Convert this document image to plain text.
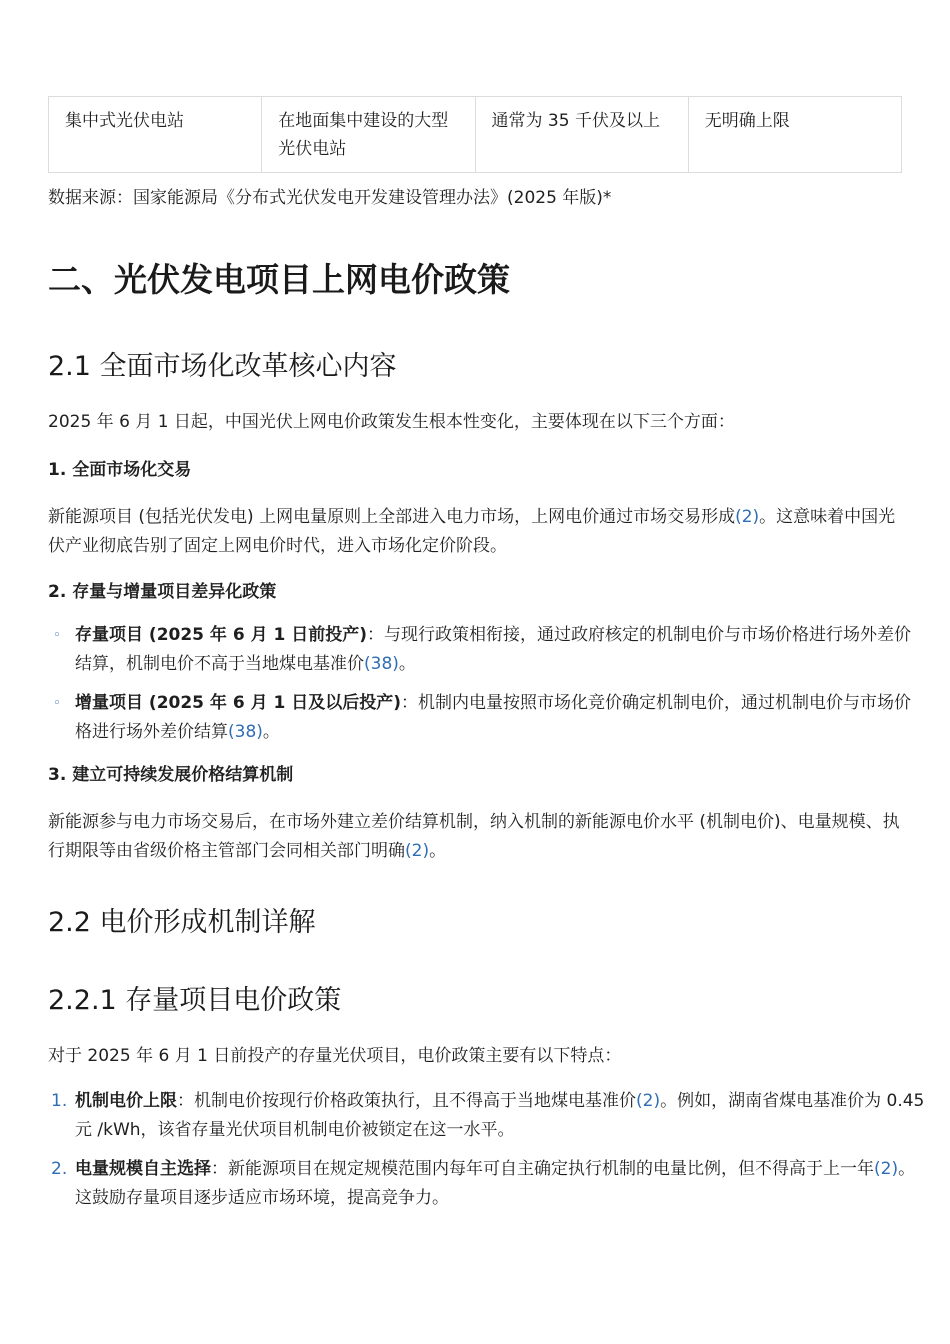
集中式光伏电站	在地面集中建设的大型光伏电站	通常为 35 千伏及以上	无明确上限
数据来源：国家能源局《分布式光伏发电开发建设管理办法》(2025 年版)*
二、光伏发电项目上网电价政策
2.1 全面市场化改革核心内容

2025 年 6 月 1 日起，中国光伏上网电价政策发生根本性变化，主要体现在以下三个方面：

1. 全面市场化交易

新能源项目 (包括光伏发电) 上网电量原则上全部进入电力市场，上网电价通过市场交易形成(2)。这意味着中国光伏产业彻底告别了固定上网电价时代，进入市场化定价阶段。

2. 存量与增量项目差异化政策
◦ 存量项目 (2025 年 6 月 1 日前投产)：与现行政策相衔接，通过政府核定的机制电价与市场价格进行场外差价结算，机制电价不高于当地煤电基准价(38)。
◦ 增量项目 (2025 年 6 月 1 日及以后投产)：机制内电量按照市场化竞价确定机制电价，通过机制电价与市场价格进行场外差价结算(38)。
3. 建立可持续发展价格结算机制

新能源参与电力市场交易后，在市场外建立差价结算机制，纳入机制的新能源电价水平 (机制电价)、电量规模、执行期限等由省级价格主管部门会同相关部门明确(2)。

2.2 电价形成机制详解
2.2.1 存量项目电价政策

对于 2025 年 6 月 1 日前投产的存量光伏项目，电价政策主要有以下特点：

1. 机制电价上限：机制电价按现行价格政策执行，且不得高于当地煤电基准价(2)。例如，湖南省煤电基准价为 0.45 元 /kWh，该省存量光伏项目机制电价被锁定在这一水平。
2. 电量规模自主选择：新能源项目在规定规模范围内每年可自主确定执行机制的电量比例，但不得高于上一年(2)。这鼓励存量项目逐步适应市场环境，提高竞争力。
